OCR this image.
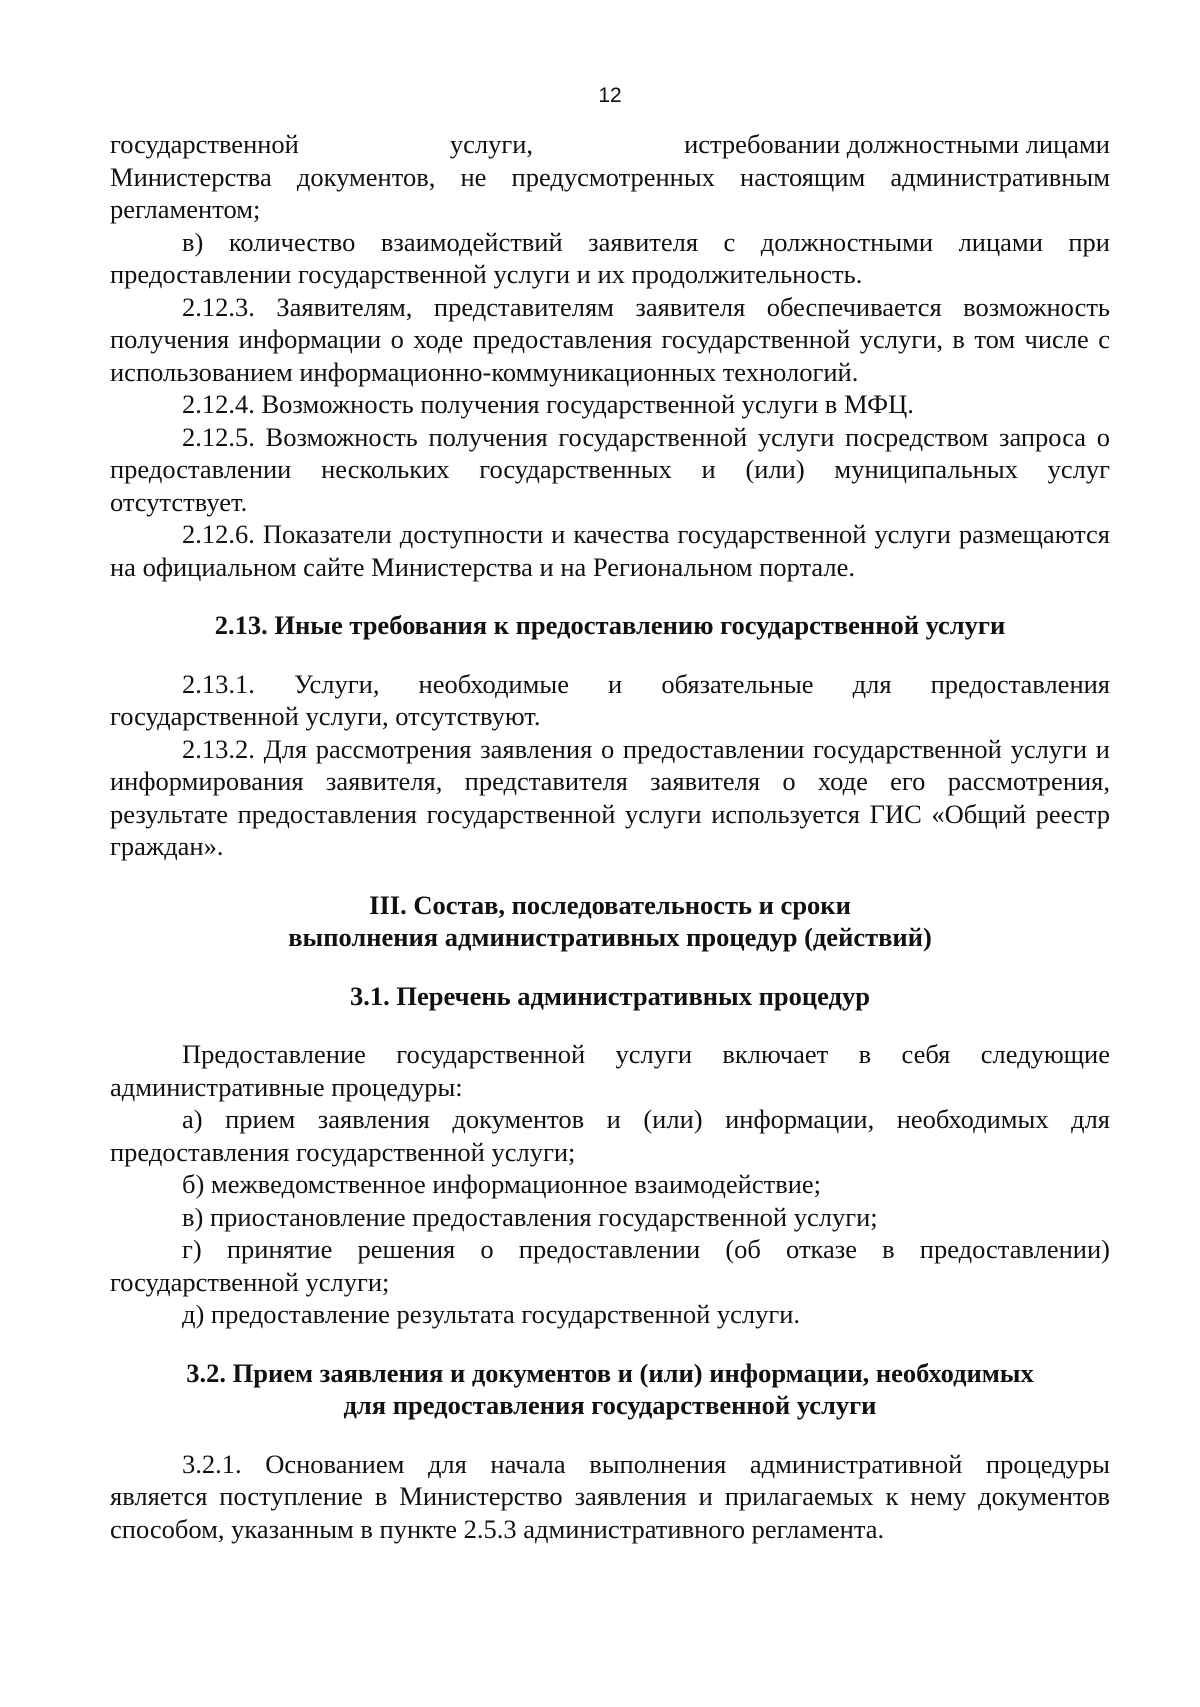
12
государственной	услуги,	истребовании должностными лицами

Министерства документов, не предусмотренных настоящим административным регламентом;

в) количество взаимодействий заявителя с должностными лицами при предоставлении государственной услуги и их продолжительность.

2.12.3. Заявителям, представителям заявителя обеспечивается возможность получения информации о ходе предоставления государственной услуги, в том числе с использованием информационно-коммуникационных технологий.

2.12.4. Возможность получения государственной услуги в МФЦ.

2.12.5. Возможность получения государственной услуги посредством запроса о предоставлении нескольких государственных и (или) муниципальных услуг отсутствует.

2.12.6. Показатели доступности и качества государственной услуги размещаются на официальном сайте Министерства и на Региональном портале.

2.13. Иные требования к предоставлению государственной услуги

2.13.1. Услуги, необходимые и обязательные для предоставления государственной услуги, отсутствуют.

2.13.2. Для рассмотрения заявления о предоставлении государственной услуги и информирования заявителя, представителя заявителя о ходе его рассмотрения, результате предоставления государственной услуги используется ГИС «Общий реестр граждан».

III. Состав, последовательность и сроки
выполнения административных процедур (действий)
3.1. Перечень административных процедур

Предоставление государственной услуги включает в себя следующие административные процедуры:

а) прием заявления документов и (или) информации, необходимых для предоставления государственной услуги;

б) межведомственное информационное взаимодействие;

в) приостановление предоставления государственной услуги;

г) принятие решения о предоставлении (об отказе в предоставлении) государственной услуги;

д) предоставление результата государственной услуги.

3.2. Прием заявления и документов и (или) информации, необходимых
для предоставления государственной услуги

3.2.1. Основанием для начала выполнения административной процедуры является поступление в Министерство заявления и прилагаемых к нему документов способом, указанным в пункте 2.5.3 административного регламента.
